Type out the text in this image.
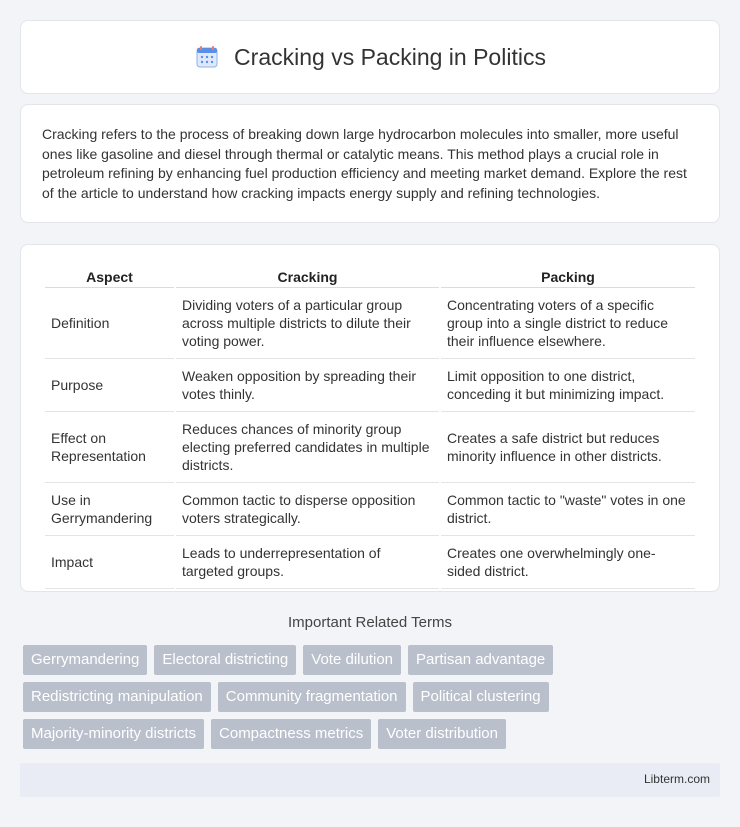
Cracking vs Packing in Politics

Cracking refers to the process of breaking down large hydrocarbon molecules into smaller, more useful ones like gasoline and diesel through thermal or catalytic means. This method plays a crucial role in petroleum refining by enhancing fuel production efficiency and meeting market demand. Explore the rest of the article to understand how cracking impacts energy supply and refining technologies.

Aspect	Cracking	Packing
Definition	Dividing voters of a particular group across multiple districts to dilute their voting power.	Concentrating voters of a specific group into a single district to reduce their influence elsewhere.
Purpose	Weaken opposition by spreading their votes thinly.	Limit opposition to one district, conceding it but minimizing impact.
Effect on Representation	Reduces chances of minority group electing preferred candidates in multiple districts.	Creates a safe district but reduces minority influence in other districts.
Use in Gerrymandering	Common tactic to disperse opposition voters strategically.	Common tactic to "waste" votes in one district.
Impact	Leads to underrepresentation of targeted groups.	Creates one overwhelmingly one-sided district.
Important Related Terms
Gerrymandering	Electoral districting	Vote dilution	Partisan advantage
Redistricting manipulation	Community fragmentation	Political clustering
Majority-minority districts	Compactness metrics	Voter distribution
Libterm.com
